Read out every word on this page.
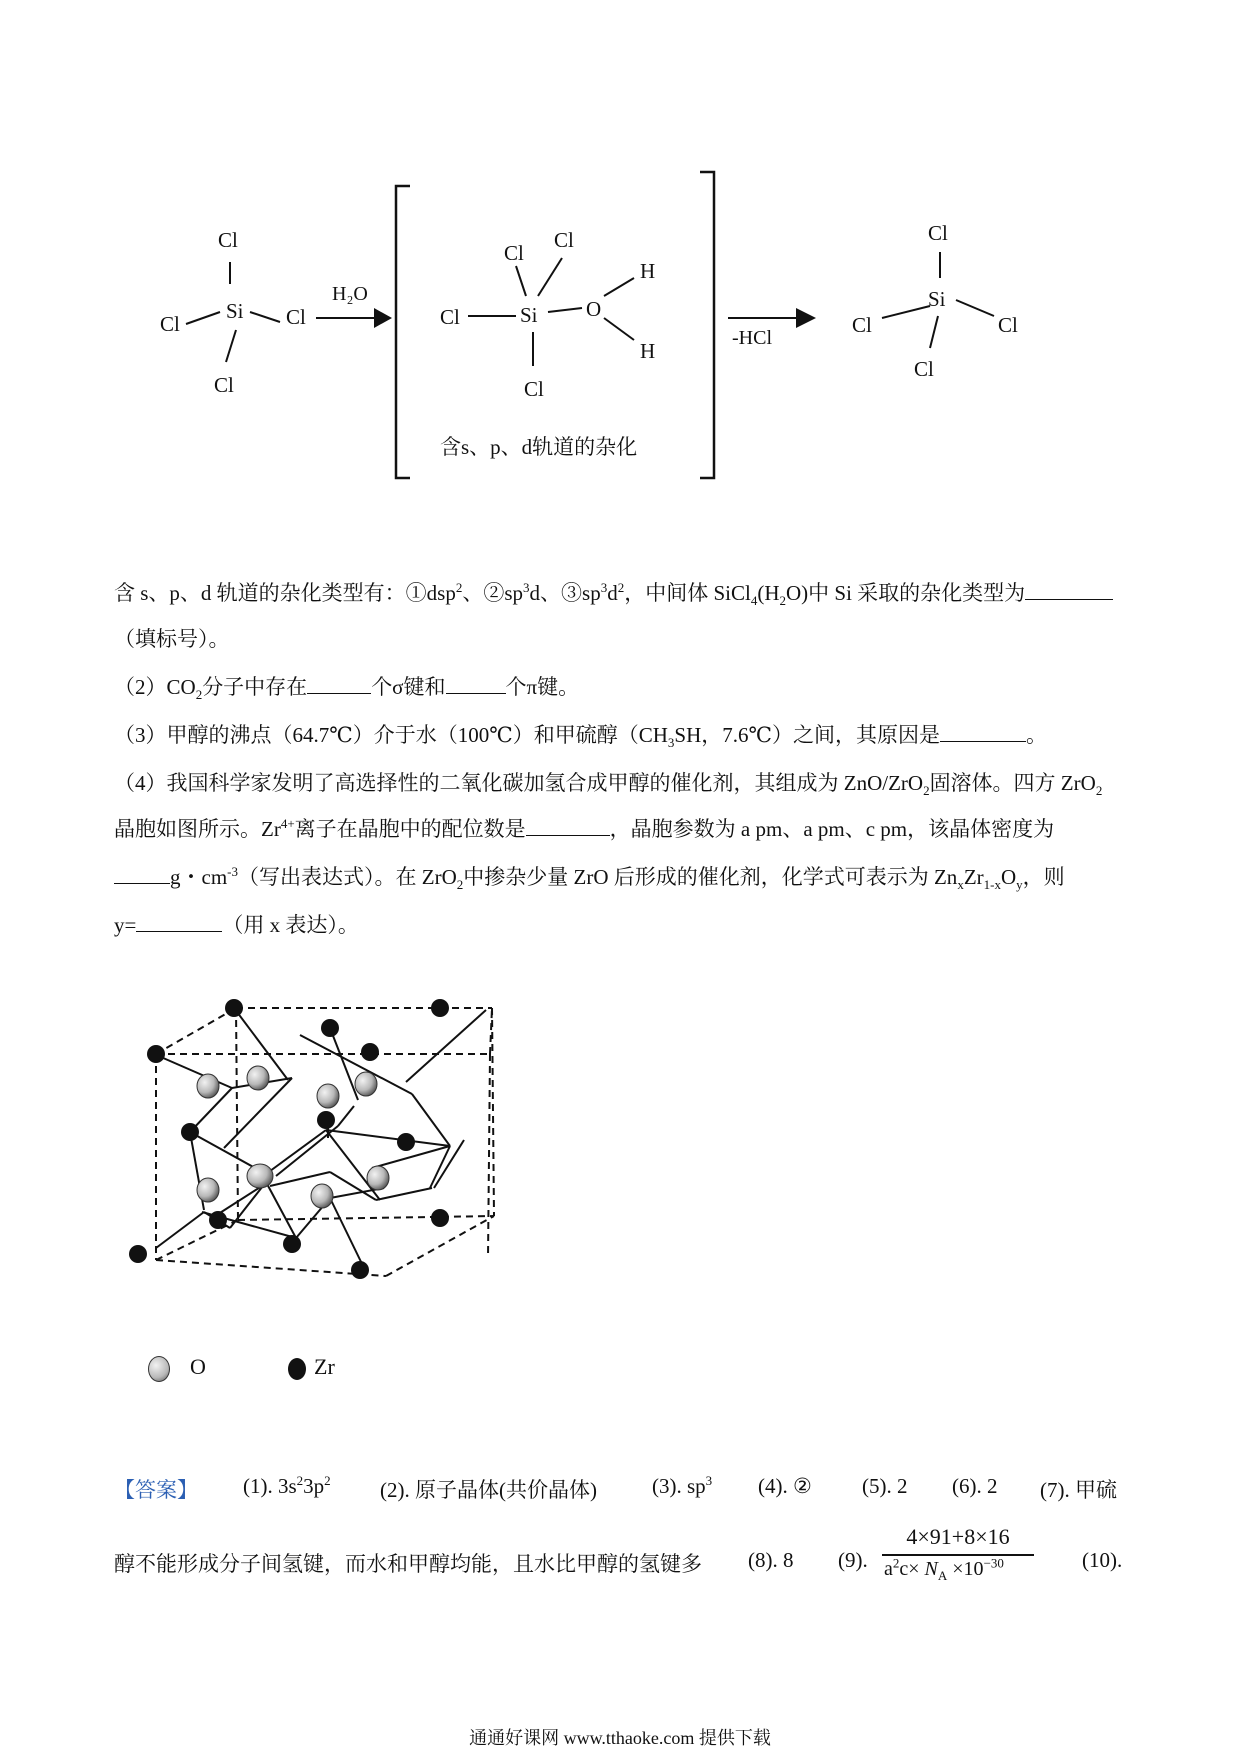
Cl
Cl
Si Cl
Cl
H₂O
Cl
Cl
Cl	Si O
H
H
Cl
含s、p、d轨道的杂化
-HCl
Cl
Si
Cl	Cl
Cl
含 s、p、d 轨道的杂化类型有：①dsp$^2$、$②sp^3d$、$③sp^3d^2$，中间体 $SiCl_4(H_2O)$中 Si 采取的杂化类型为
（填标号）。
$(2)CO_2$分子中存在	个σ键和	个π键。
（3）甲醇的沸点（64.7℃）介于水（100℃）和甲硫醇（$CH_3SH$，7.6℃）之间，其原因是	。
（4）我国科学家发明了高选择性的二氧化碳加氢合成甲醇的催化剂，其组成为 ZnO/ZrO$_2$固溶体。四方 ZrO$_2$
晶胞如图所示。$Zr^{4+}$离子在晶胞中的配位数是	，晶胞参数为 a pm、a pm、c pm，该晶体密度为
g・$cm^{-3}$（写出表达式）。在 ZrO$_2$中掺杂少量 ZrO 后形成的催化剂，化学式可表示为 $Zn_xZr_{1-x}O_y$，则
y=	（用 x 表达）。
O	Zr
【答案】 (1). $3s^23p^2$ (2). 原子晶体(共价晶体)	(3). $sp^3$ (4). ② (5). 2 (6). 2 (7). 甲硫
醇不能形成分子间氢键，而水和甲醇均能，且水比甲醇的氢键多 (8). 8 (9).
4×91+8×16
$a^2c\times N_A \times 10^{-30}$	(10).
通通好课网 www.tthaoke.com 提供下载
